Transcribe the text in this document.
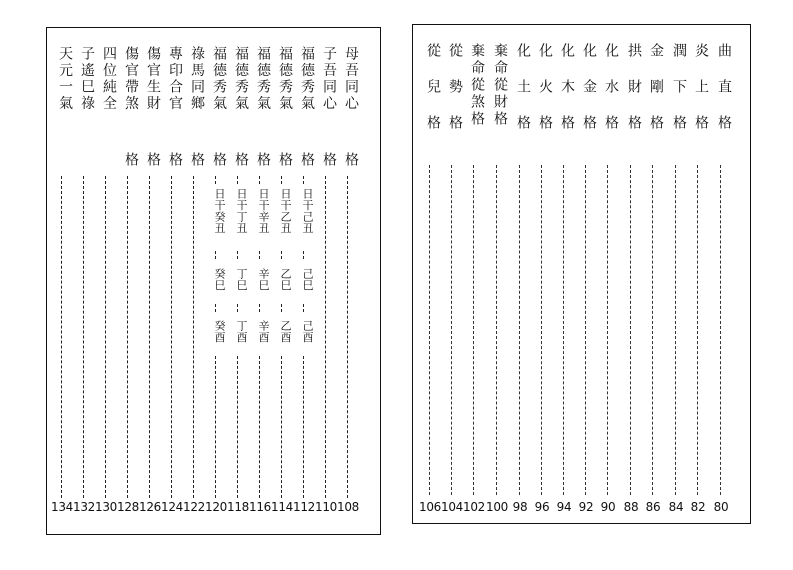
天元一氣
134
子遙巳祿
132
四位純全
130
傷官帶煞
格
128
傷官生財
格
126
專印合官
格
124
祿馬同鄉
格
122
福德秀氣
格
日干癸丑
癸巳
癸酉
120
福德秀氣
格
日干丁丑
丁巳
丁酉
118
福德秀氣
格
日干辛丑
辛巳
辛酉
116
福德秀氣
格
日干乙丑
乙巳
乙酉
114
福德秀氣
格
日干己丑
己巳
己酉
112
子吾同心
格
110
母吾同心
格
108
從兒格
106
從勢格
104
棄命從煞格
102
棄命從財格
100
化土格
98
化火格
96
化木格
94
化金格
92
化水格
90
拱財格
88
金剛格
86
潤下格
84
炎上格
82
曲直格
80
